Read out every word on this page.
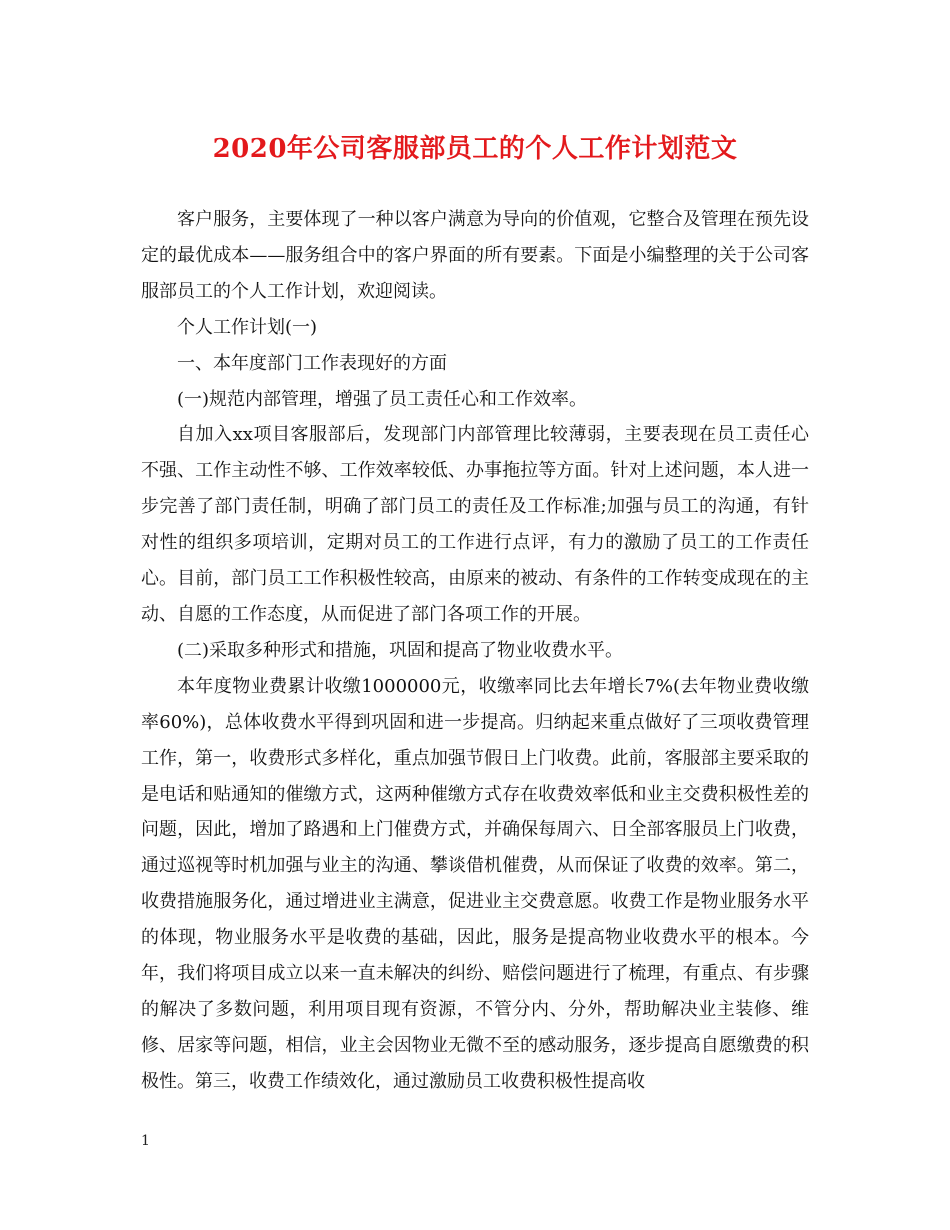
2020年公司客服部员工的个人工作计划范文

客户服务，主要体现了一种以客户满意为导向的价值观，它整合及管理在预先设定的最优成本——服务组合中的客户界面的所有要素。下面是小编整理的关于公司客服部员工的个人工作计划，欢迎阅读。

个人工作计划(一)

一、本年度部门工作表现好的方面

(一)规范内部管理，增强了员工责任心和工作效率。

自加入xx项目客服部后，发现部门内部管理比较薄弱，主要表现在员工责任心不强、工作主动性不够、工作效率较低、办事拖拉等方面。针对上述问题，本人进一步完善了部门责任制，明确了部门员工的责任及工作标准;加强与员工的沟通，有针对性的组织多项培训，定期对员工的工作进行点评，有力的激励了员工的工作责任心。目前，部门员工工作积极性较高，由原来的被动、有条件的工作转变成现在的主动、自愿的工作态度，从而促进了部门各项工作的开展。

(二)采取多种形式和措施，巩固和提高了物业收费水平。

本年度物业费累计收缴1000000元，收缴率同比去年增长7%(去年物业费收缴率60%)，总体收费水平得到巩固和进一步提高。归纳起来重点做好了三项收费管理工作，第一，收费形式多样化，重点加强节假日上门收费。此前，客服部主要采取的是电话和贴通知的催缴方式，这两种催缴方式存在收费效率低和业主交费积极性差的问题，因此，增加了路遇和上门催费方式，并确保每周六、日全部客服员上门收费，通过巡视等时机加强与业主的沟通、攀谈借机催费，从而保证了收费的效率。第二，收费措施服务化，通过增进业主满意，促进业主交费意愿。收费工作是物业服务水平的体现，物业服务水平是收费的基础，因此，服务是提高物业收费水平的根本。今年，我们将项目成立以来一直未解决的纠纷、赔偿问题进行了梳理，有重点、有步骤的解决了多数问题，利用项目现有资源，不管分内、分外，帮助解决业主装修、维修、居家等问题，相信，业主会因物业无微不至的感动服务，逐步提高自愿缴费的积极性。第三，收费工作绩效化，通过激励员工收费积极性提高收

1
